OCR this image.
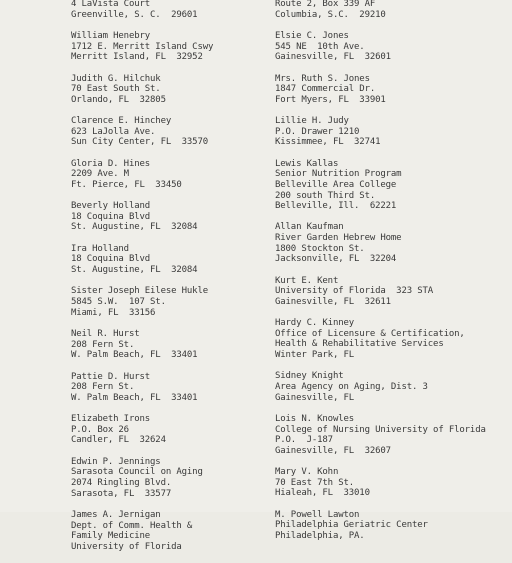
4 LaVista Court
Greenville, S. C.  29601
William Henebry
1712 E. Merritt Island Cswy
Merritt Island, FL  32952
Judith G. Hilchuk
70 East South St.
Orlando, FL  32805
Clarence E. Hinchey
623 LaJolla Ave.
Sun City Center, FL  33570
Gloria D. Hines
2209 Ave. M
Ft. Pierce, FL  33450
Beverly Holland
18 Coquina Blvd
St. Augustine, FL  32084
Ira Holland
18 Coquina Blvd
St. Augustine, FL  32084
Sister Joseph Eilese Hukle
5845 S.W.  107 St.
Miami, FL  33156
Neil R. Hurst
208 Fern St.
W. Palm Beach, FL  33401
Pattie D. Hurst
208 Fern St.
W. Palm Beach, FL  33401
Elizabeth Irons
P.O. Box 26
Candler, FL  32624
Edwin P. Jennings
Sarasota Council on Aging
2074 Ringling Blvd.
Sarasota, FL  33577
James A. Jernigan
Dept. of Comm. Health &
Family Medicine
University of Florida
Route 2, Box 339 AF
Columbia, S.C.  29210
Elsie C. Jones
545 NE  10th Ave.
Gainesville, FL  32601
Mrs. Ruth S. Jones
1847 Commercial Dr.
Fort Myers, FL  33901
Lillie H. Judy
P.O. Drawer 1210
Kissimmee, FL  32741
Lewis Kallas
Senior Nutrition Program
Belleville Area College
200 south Third St.
Belleville, Ill.  62221
Allan Kaufman
River Garden Hebrew Home
1800 Stockton St.
Jacksonville, FL  32204
Kurt E. Kent
University of Florida  323 STA
Gainesville, FL  32611
Hardy C. Kinney
Office of Licensure & Certification,
Health & Rehabilitative Services
Winter Park, FL
Sidney Knight
Area Agency on Aging, Dist. 3
Gainesville, FL
Lois N. Knowles
College of Nursing University of Florida
P.O.  J-187
Gainesville, FL  32607
Mary V. Kohn
70 East 7th St.
Hialeah, FL  33010
M. Powell Lawton
Philadelphia Geriatric Center
Philadelphia, PA.
